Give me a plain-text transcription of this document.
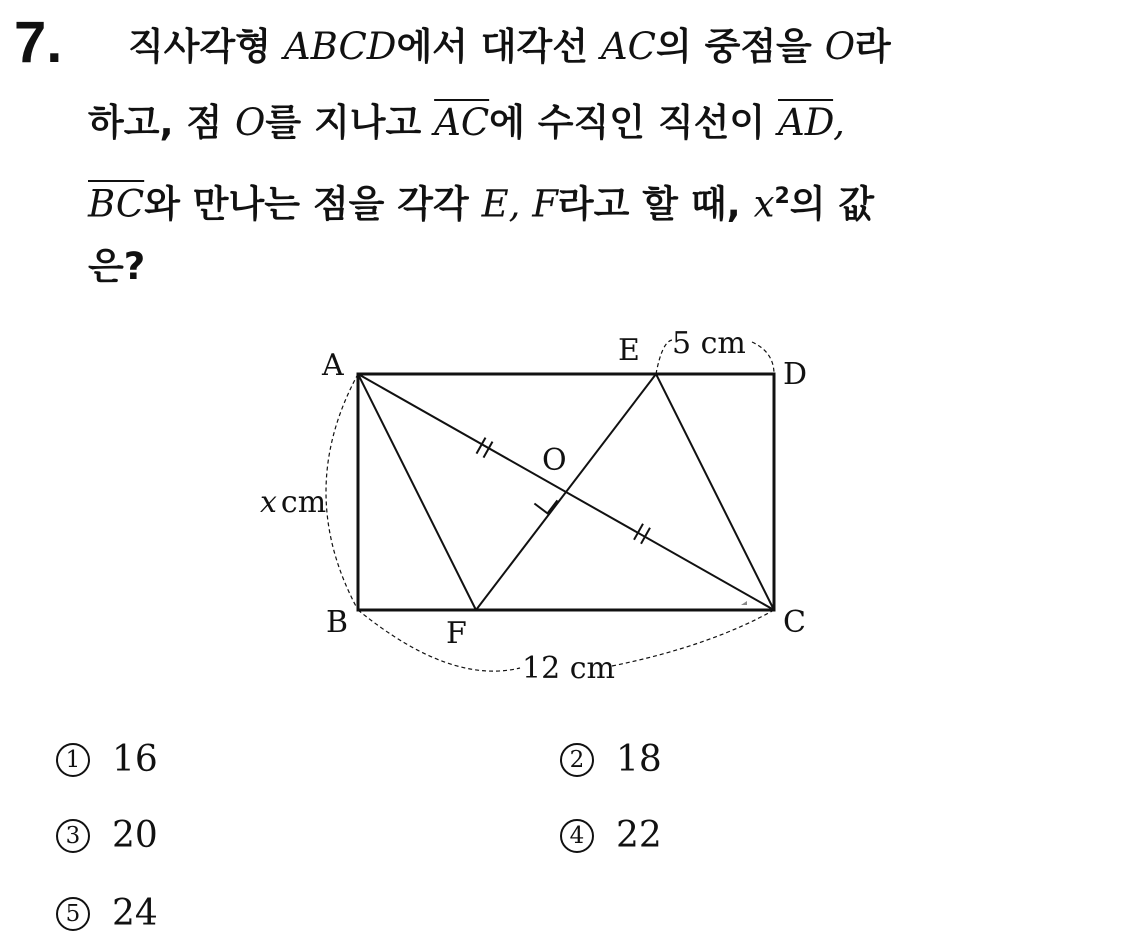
7. 직사각형 ABCD에서 대각선 AC의 중점을 O라
하고, 점 O를 지나고 $\overline{AC}$에 수직인 직선이 $\overline{AD}$,
$\overline{BC}$와 만나는 점을 각각 E, F라고 할 때, $x^2$의 값
은?
A
B	C
D
E
F
O
5 cm
x cm
12 cm
1 16	2 18
3 20	4 22
5 24
